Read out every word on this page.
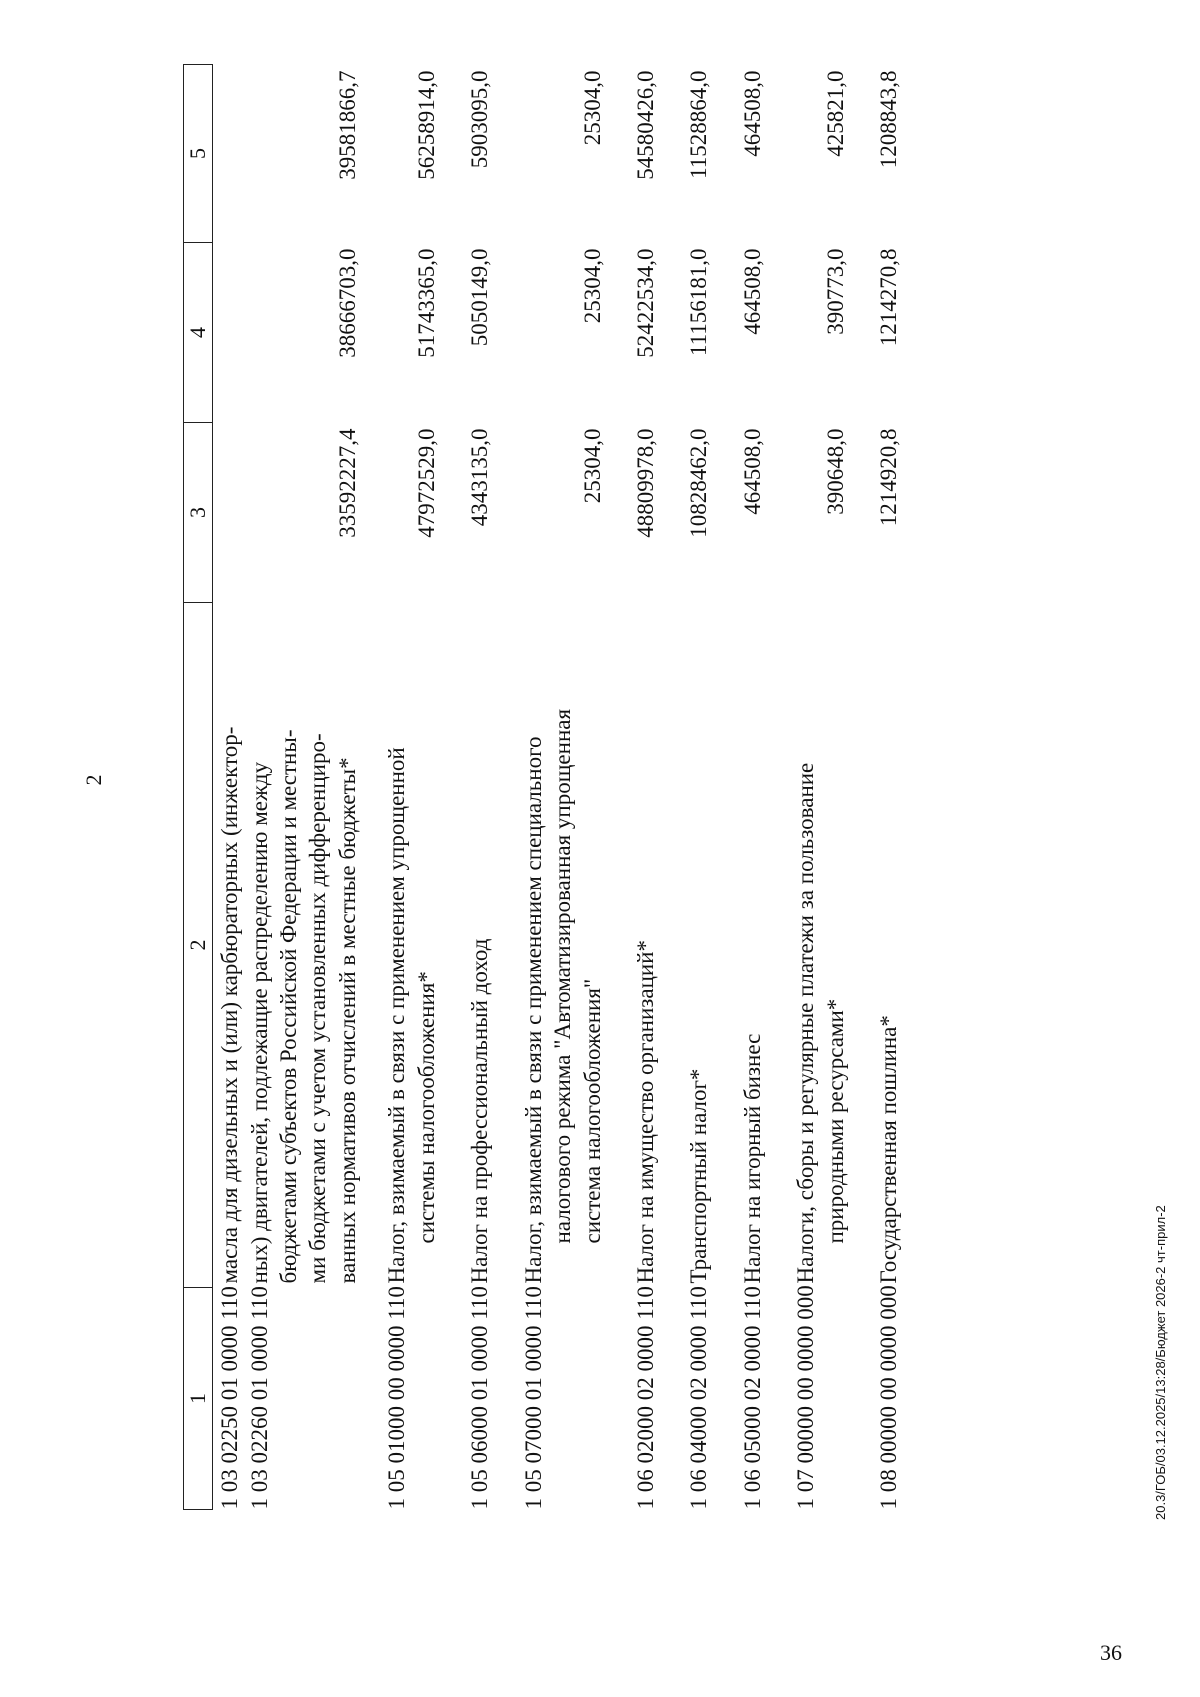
2
1	2	3	4	5

1 03 02250 01 0000 110 1 03 02260 01 0000 110	масла для дизельных и (или) карбюраторных (инжектор- ных) двигателей, подлежащие распределению между бюджетами субъектов Российской Федерации и местны- ми бюджетами с учетом установленных дифференциро- ванных нормативов отчислений в местные бюджеты*	33592227,4	38666703,0	39581866,7

1 05 01000 00 0000 110	Налог, взимаемый в связи с применением упрощенной системы налогообложения*	47972529,0	51743365,0	56258914,0

1 05 06000 01 0000 110	Налог на профессиональный доход	4343135,0	5050149,0	5903095,0

1 05 07000 01 0000 110	Налог, взимаемый в связи с применением специального налогового режима "Автоматизированная упрощенная система налогообложения"	25304,0	25304,0	25304,0

1 06 02000 02 0000 110	Налог на имущество организаций*	48809978,0	52422534,0	54580426,0

1 06 04000 02 0000 110	Транспортный налог*	10828462,0	11156181,0	11528864,0

1 06 05000 02 0000 110	Налог на игорный бизнес	464508,0	464508,0	464508,0

1 07 00000 00 0000 000	Налоги, сборы и регулярные платежи за пользование природными ресурсами*	390648,0	390773,0	425821,0

1 08 00000 00 0000 000	Государственная пошлина*	1214920,8	1214270,8	1208843,8
20.3/ГОБ/03.12.2025/13:28/Бюджет 2026-2 чт-прил-2
36
